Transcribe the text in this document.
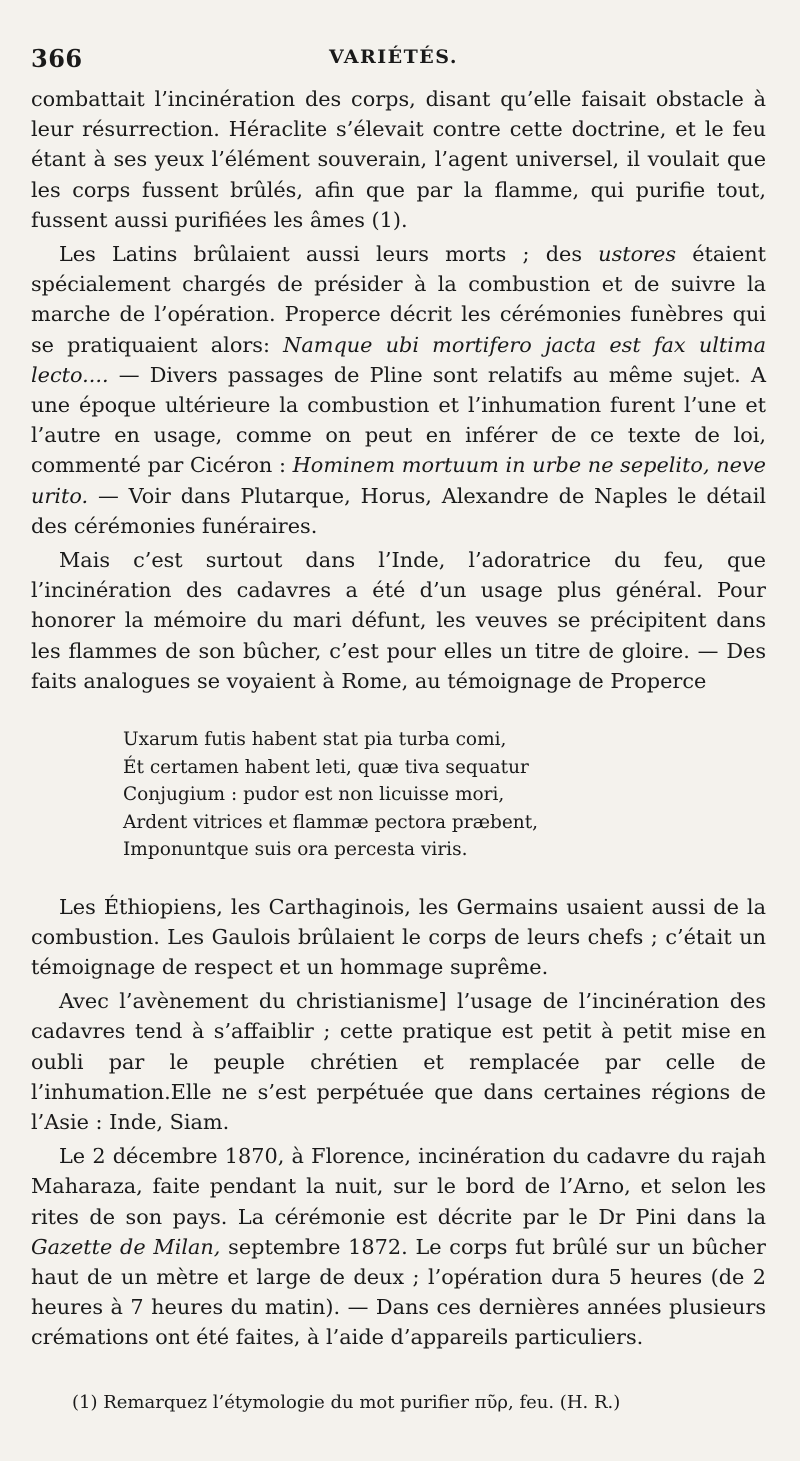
366	VARIÉTÉS.

combattait l’incinération des corps, disant qu’elle faisait obstacle à leur résurrection. Héraclite s’élevait contre cette doctrine, et le feu étant à ses yeux l’élément souverain, l’agent universel, il voulait que les corps fussent brûlés, afin que par la flamme, qui purifie tout, fussent aussi purifiées les âmes (1).

Les Latins brûlaient aussi leurs morts ; des ustores étaient spécialement chargés de présider à la combustion et de suivre la marche de l’opération. Properce décrit les cérémonies funèbres qui se pratiquaient alors: Namque ubi mortifero jacta est fax ultima lecto.... — Divers passages de Pline sont relatifs au même sujet. A une époque ultérieure la combustion et l’inhumation furent l’une et l’autre en usage, comme on peut en inférer de ce texte de loi, commenté par Cicéron : Hominem mortuum in urbe ne sepelito, neve urito. — Voir dans Plutarque, Horus, Alexandre de Naples le détail des cérémonies funéraires.

Mais c’est surtout dans l’Inde, l’adoratrice du feu, que l’incinération des cadavres a été d’un usage plus général. Pour honorer la mémoire du mari défunt, les veuves se précipitent dans les flammes de son bûcher, c’est pour elles un titre de gloire. — Des faits analogues se voyaient à Rome, au témoignage de Properce

Uxarum futis habent stat pia turba comi,
Ét certamen habent leti, quæ tiva sequatur
Conjugium : pudor est non licuisse mori,
Ardent vitrices et flammæ pectora præbent,
Imponuntque suis ora percesta viris.

Les Éthiopiens, les Carthaginois, les Germains usaient aussi de la combustion. Les Gaulois brûlaient le corps de leurs chefs ; c’était un témoignage de respect et un hommage suprême.

Avec l’avènement du christianisme] l’usage de l’incinération des cadavres tend à s’affaiblir ; cette pratique est petit à petit mise en oubli par le peuple chrétien et remplacée par celle de l’inhumation.Elle ne s’est perpétuée que dans certaines régions de l’Asie : Inde, Siam.

Le 2 décembre 1870, à Florence, incinération du cadavre du rajah Maharaza, faite pendant la nuit, sur le bord de l’Arno, et selon les rites de son pays. La cérémonie est décrite par le Dr Pini dans la Gazette de Milan, septembre 1872. Le corps fut brûlé sur un bûcher haut de un mètre et large de deux ; l’opération dura 5 heures (de 2 heures à 7 heures du matin). — Dans ces dernières années plusieurs crémations ont été faites, à l’aide d’appareils particuliers.

(1) Remarquez l’étymologie du mot purifier πῦρ, feu. (H. R.)
